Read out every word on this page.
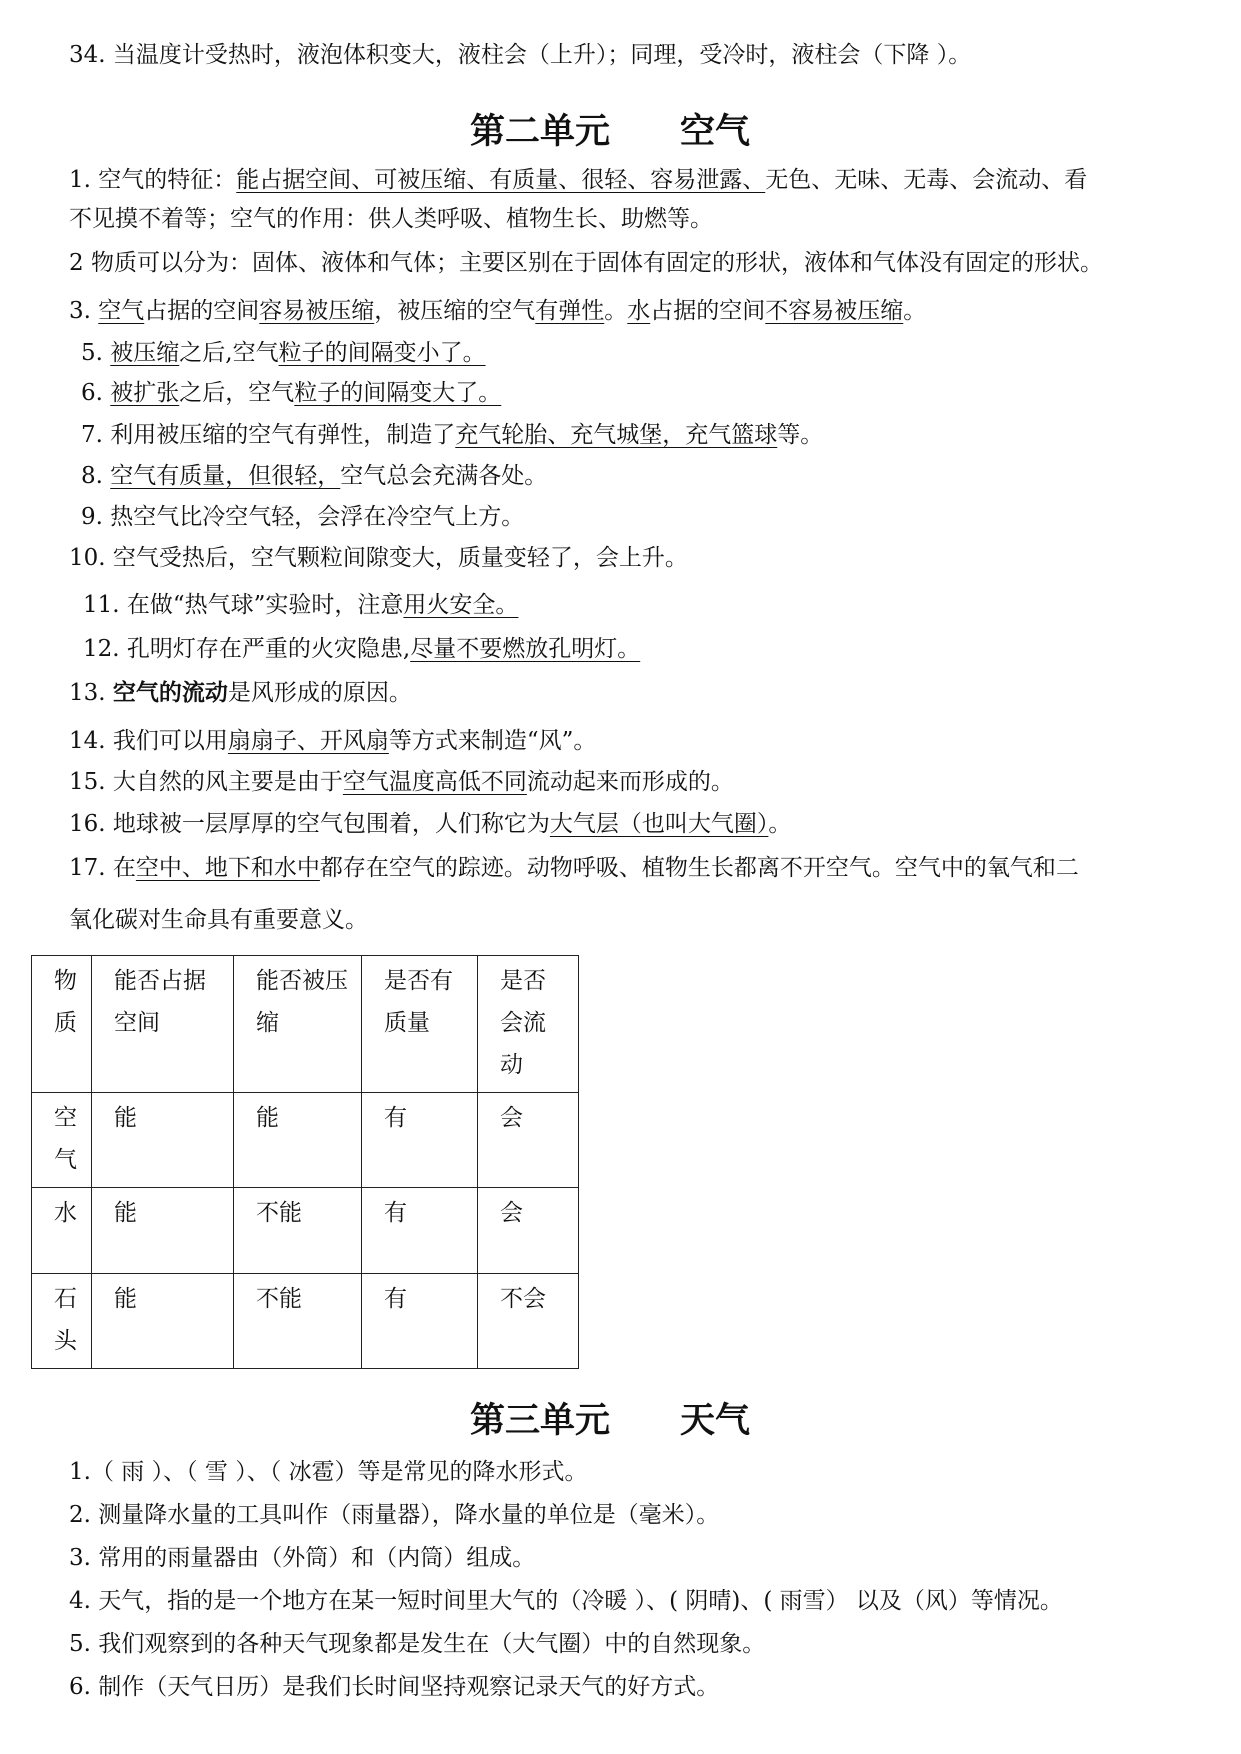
34. 当温度计受热时，液泡体积变大，液柱会（上升）；同理，受冷时，液柱会（下降 ）。
第二单元 空气
1. 空气的特征：能占据空间、可被压缩、有质量、很轻、容易泄露、无色、无味、无毒、会流动、看
不见摸不着等；空气的作用：供人类呼吸、植物生长、助燃等。
2 物质可以分为：固体、液体和气体；主要区别在于固体有固定的形状，液体和气体没有固定的形状。
3. 空气占据的空间容易被压缩，被压缩的空气有弹性。水占据的空间不容易被压缩。
5. 被压缩之后,空气粒子的间隔变小了。
6. 被扩张之后，空气粒子的间隔变大了。
7. 利用被压缩的空气有弹性，制造了充气轮胎、充气城堡，充气篮球等。
8. 空气有质量，但很轻，空气总会充满各处。
9. 热空气比冷空气轻，会浮在冷空气上方。
10. 空气受热后，空气颗粒间隙变大，质量变轻了，会上升。
11. 在做“热气球”实验时，注意用火安全。
12. 孔明灯存在严重的火灾隐患,尽量不要燃放孔明灯。
13. 空气的流动是风形成的原因。
14. 我们可以用扇扇子、开风扇等方式来制造“风”。
15. 大自然的风主要是由于空气温度高低不同流动起来而形成的。
16. 地球被一层厚厚的空气包围着，人们称它为大气层（也叫大气圈）。
17. 在空中、地下和水中都存在空气的踪迹。动物呼吸、植物生长都离不开空气。空气中的氧气和二
氧化碳对生命具有重要意义。
物质	能否占据空间	能否被压缩	是否有质量	是否会流动
空气	能	能	有	会
水	能	不能	有	会
石头	能	不能	有	不会
第三单元 天气
1.（ 雨 ）、（ 雪 ）、（ 冰雹）等是常见的降水形式。
2. 测量降水量的工具叫作（雨量器），降水量的单位是（毫米）。
3. 常用的雨量器由（外筒）和（内筒）组成。
4. 天气，指的是一个地方在某一短时间里大气的（冷暖 ）、( 阴晴)、( 雨雪） 以及（风）等情况。
5. 我们观察到的各种天气现象都是发生在（大气圈）中的自然现象。
6. 制作（天气日历）是我们长时间坚持观察记录天气的好方式。
